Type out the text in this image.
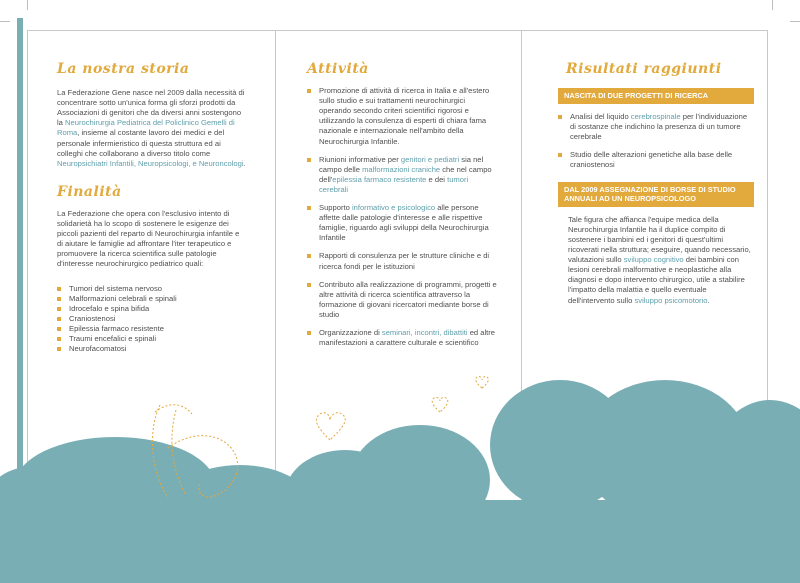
La nostra storia

La Federazione Gene nasce nel 2009 dalla necessità di concentrare sotto un'unica forma gli sforzi prodotti da Associazioni di genitori che da diversi anni sostengono la Neurochirurgia Pediatrica del Policlinico Gemelli di Roma, insieme al costante lavoro dei medici e del personale infermieristico di questa struttura ed ai colleghi che collaborano a diverso titolo come Neuropsichiatri Infantili, Neuropsicologi, e Neuroncologi.

Finalità

La Federazione che opera con l'esclusivo intento di solidarietà ha lo scopo di sostenere le esigenze dei piccoli pazienti del reparto di Neurochirurgia infantile e di aiutare le famiglie ad affrontare l'iter terapeutico e promuovere la ricerca scientifica sulle patologie d'interesse neurochirurgico pediatrico quali:

Tumori del sistema nervoso
Malformazioni celebrali e spinali
Idrocefalo e spina bifida
Craniostenosi
Epilessia farmaco resistente
Traumi encefalici e spinali
Neurofacomatosi
Attività
Promozione di attività di ricerca in Italia e all'estero sullo studio e sui trattamenti neurochirurgici operando secondo criteri scientifici rigorosi e utilizzando la consulenza di esperti di chiara fama nazionale e internazionale nell'ambito della Neurochirurgia Infantile.
Riunioni informative per genitori e pediatri sia nel campo delle malformazioni craniche che nel campo dell'epilessia farmaco resistente e dei tumori cerebrali
Supporto informativo e psicologico alle persone affette dalle patologie d'interesse e alle rispettive famiglie, riguardo agli sviluppi della Neurochirurgia Infantile
Rapporti di consulenza per le strutture cliniche e di ricerca fondi per le istituzioni
Contributo alla realizzazione di programmi, progetti e altre attività di ricerca scientifica attraverso la formazione di giovani ricercatori mediante borse di studio
Organizzazione di seminari, incontri, dibattiti ed altre manifestazioni a carattere culturale e scientifico
Risultati raggiunti
NASCITA DI DUE PROGETTI DI RICERCA
Analisi del liquido cerebrospinale per l'individuazione di sostanze che indichino la presenza di un tumore cerebrale
Studio delle alterazioni genetiche alla base delle craniostenosi
DAL 2009 ASSEGNAZIONE DI BORSE DI STUDIO ANNUALI AD UN NEUROPSICOLOGO

Tale figura che affianca l'equipe medica della Neurochirurgia Infantile ha il duplice compito di sostenere i bambini ed i genitori di quest'ultimi ricoverati nella struttura; eseguire, quando necessario, valutazioni sullo sviluppo cognitivo dei bambini con lesioni cerebrali malformative e neoplastiche alla diagnosi e dopo intervento chirurgico, utile a stabilire l'impatto della malattia e quello eventuale dell'intervento sullo sviluppo psicomotorio.
